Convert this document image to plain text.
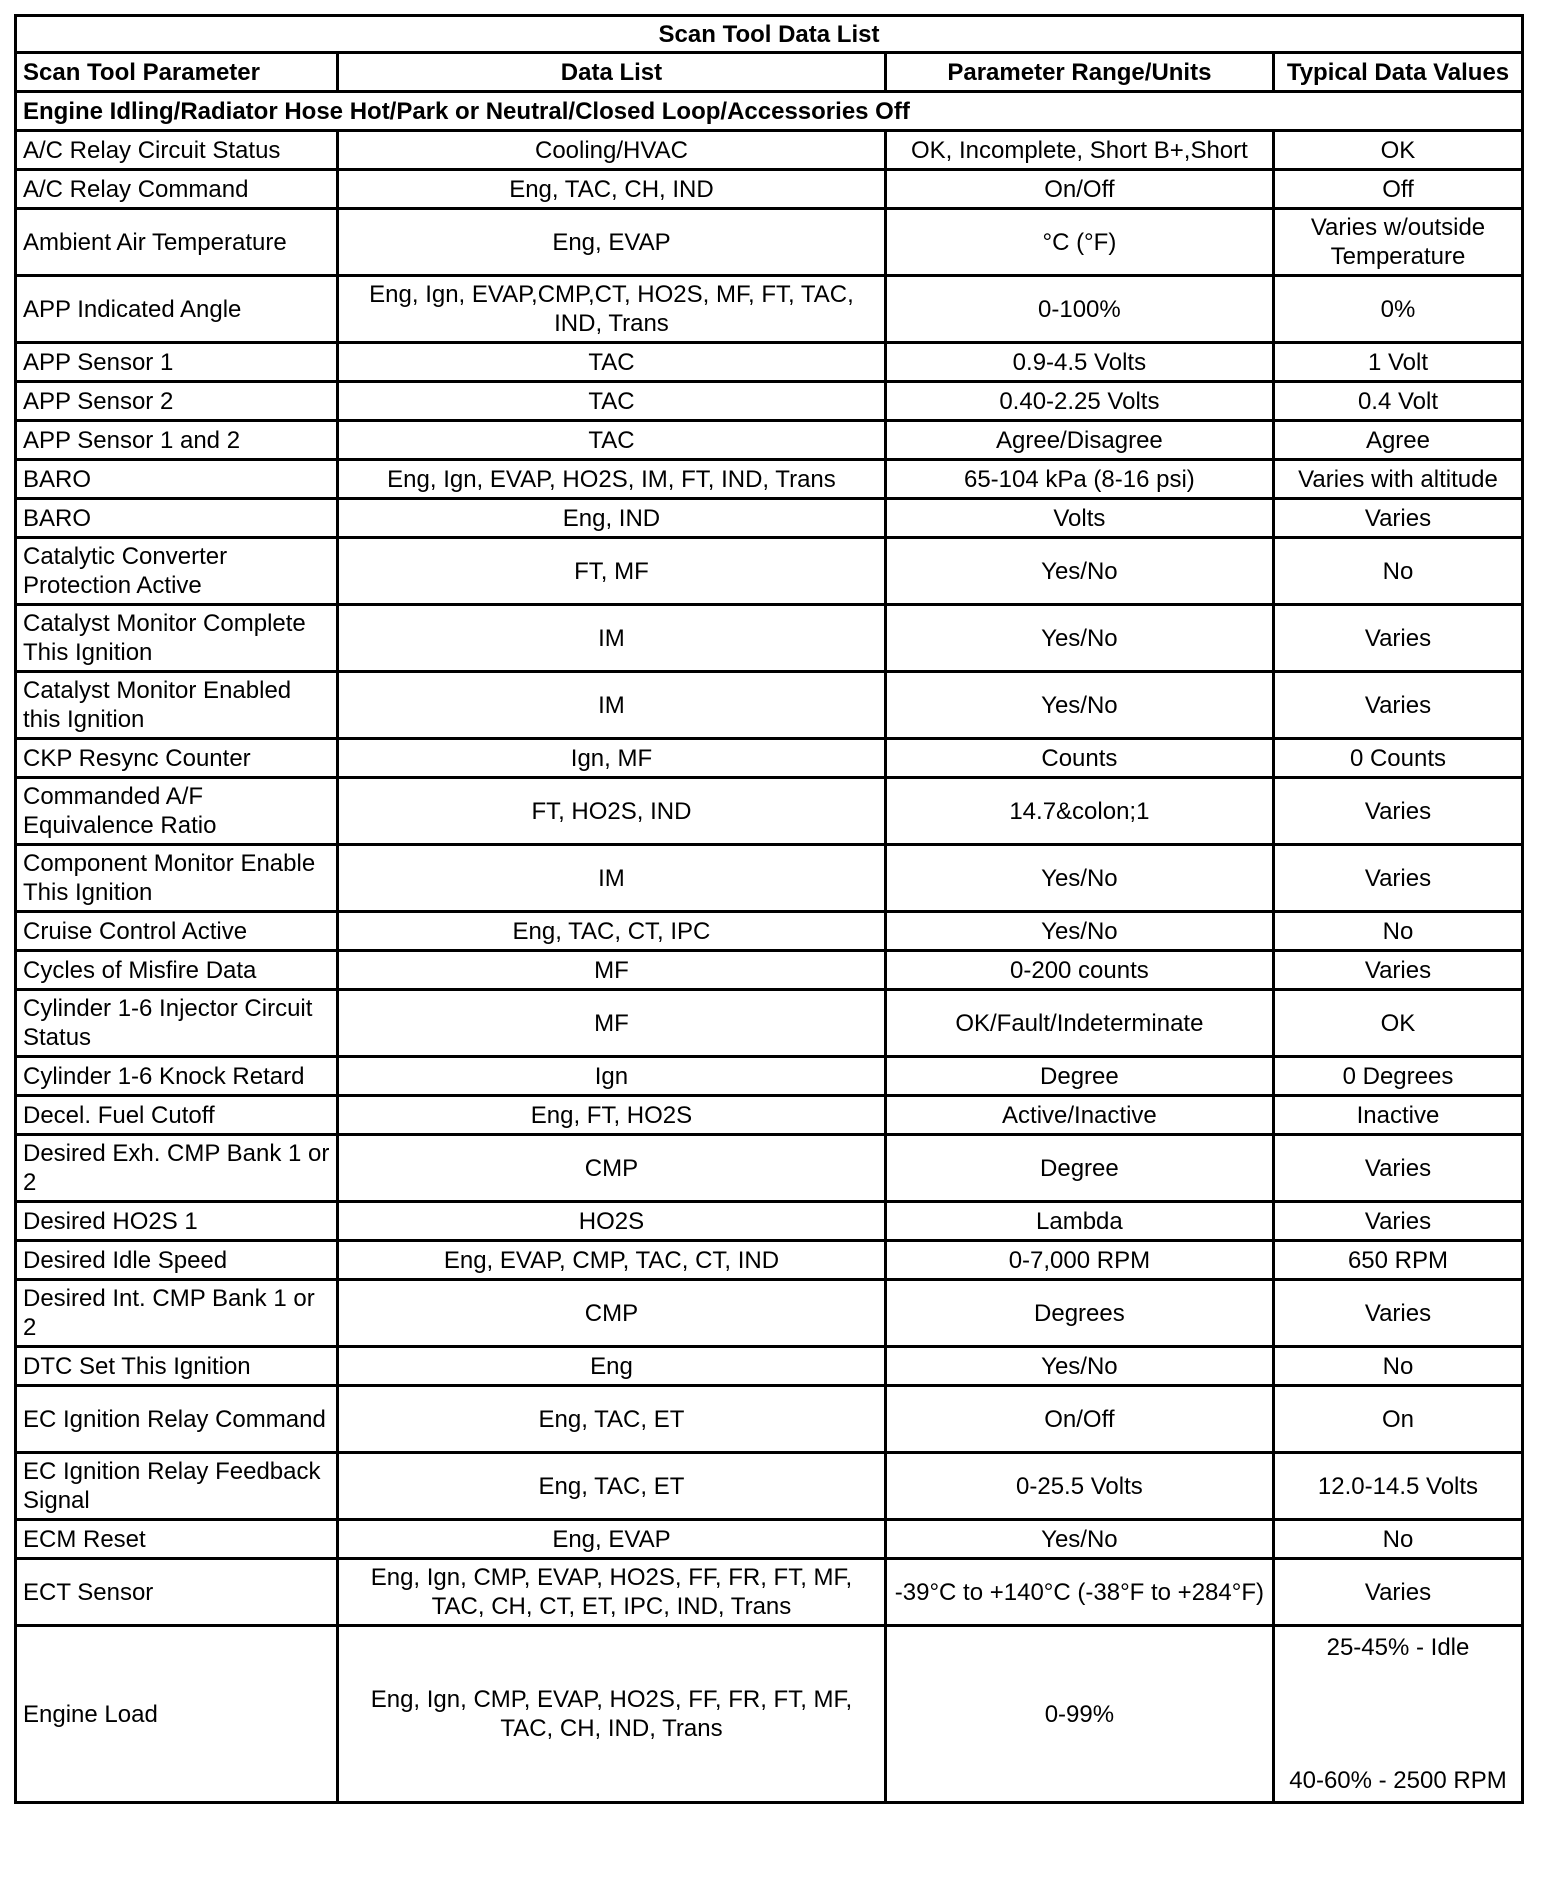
Scan Tool Data List			
Scan Tool Parameter	Data List	Parameter Range/Units	Typical Data Values
Engine Idling/Radiator Hose Hot/Park or Neutral/Closed Loop/Accessories Off			
A/C Relay Circuit Status	Cooling/HVAC	OK, Incomplete, Short B+,Short	OK
A/C Relay Command	Eng, TAC, CH, IND	On/Off	Off
Ambient Air Temperature	Eng, EVAP	°C (°F)	Varies w/outside Temperature
APP Indicated Angle	Eng, Ign, EVAP,CMP,CT, HO2S, MF, FT, TAC, IND, Trans	0-100%	0%
APP Sensor 1	TAC	0.9-4.5 Volts	1 Volt
APP Sensor 2	TAC	0.40-2.25 Volts	0.4 Volt
APP Sensor 1 and 2	TAC	Agree/Disagree	Agree
BARO	Eng, Ign, EVAP, HO2S, IM, FT, IND, Trans	65-104 kPa (8-16 psi)	Varies with altitude
BARO	Eng, IND	Volts	Varies
Catalytic Converter Protection Active	FT, MF	Yes/No	No
Catalyst Monitor Complete This Ignition	IM	Yes/No	Varies
Catalyst Monitor Enabled this Ignition	IM	Yes/No	Varies
CKP Resync Counter	Ign, MF	Counts	0 Counts
Commanded A/F Equivalence Ratio	FT, HO2S, IND	14.7&colon;1	Varies
Component Monitor Enable This Ignition	IM	Yes/No	Varies
Cruise Control Active	Eng, TAC, CT, IPC	Yes/No	No
Cycles of Misfire Data	MF	0-200 counts	Varies
Cylinder 1-6 Injector Circuit Status	MF	OK/Fault/Indeterminate	OK
Cylinder 1-6 Knock Retard	Ign	Degree	0 Degrees
Decel. Fuel Cutoff	Eng, FT, HO2S	Active/Inactive	Inactive
Desired Exh. CMP Bank 1 or 2	CMP	Degree	Varies
Desired HO2S 1	HO2S	Lambda	Varies
Desired Idle Speed	Eng, EVAP, CMP, TAC, CT, IND	0-7,000 RPM	650 RPM
Desired Int. CMP Bank 1 or 2	CMP	Degrees	Varies
DTC Set This Ignition	Eng	Yes/No	No
EC Ignition Relay Command	Eng, TAC, ET	On/Off	On
EC Ignition Relay Feedback Signal	Eng, TAC, ET	0-25.5 Volts	12.0-14.5 Volts
ECM Reset	Eng, EVAP	Yes/No	No
ECT Sensor	Eng, Ign, CMP, EVAP, HO2S, FF, FR, FT, MF, TAC, CH, CT, ET, IPC, IND, Trans	-39°C to +140°C (-38°F to +284°F)	Varies
Engine Load	Eng, Ign, CMP, EVAP, HO2S, FF, FR, FT, MF, TAC, CH, IND, Trans	0-99%	25-45% - Idle
40-60% - 2500 RPM
